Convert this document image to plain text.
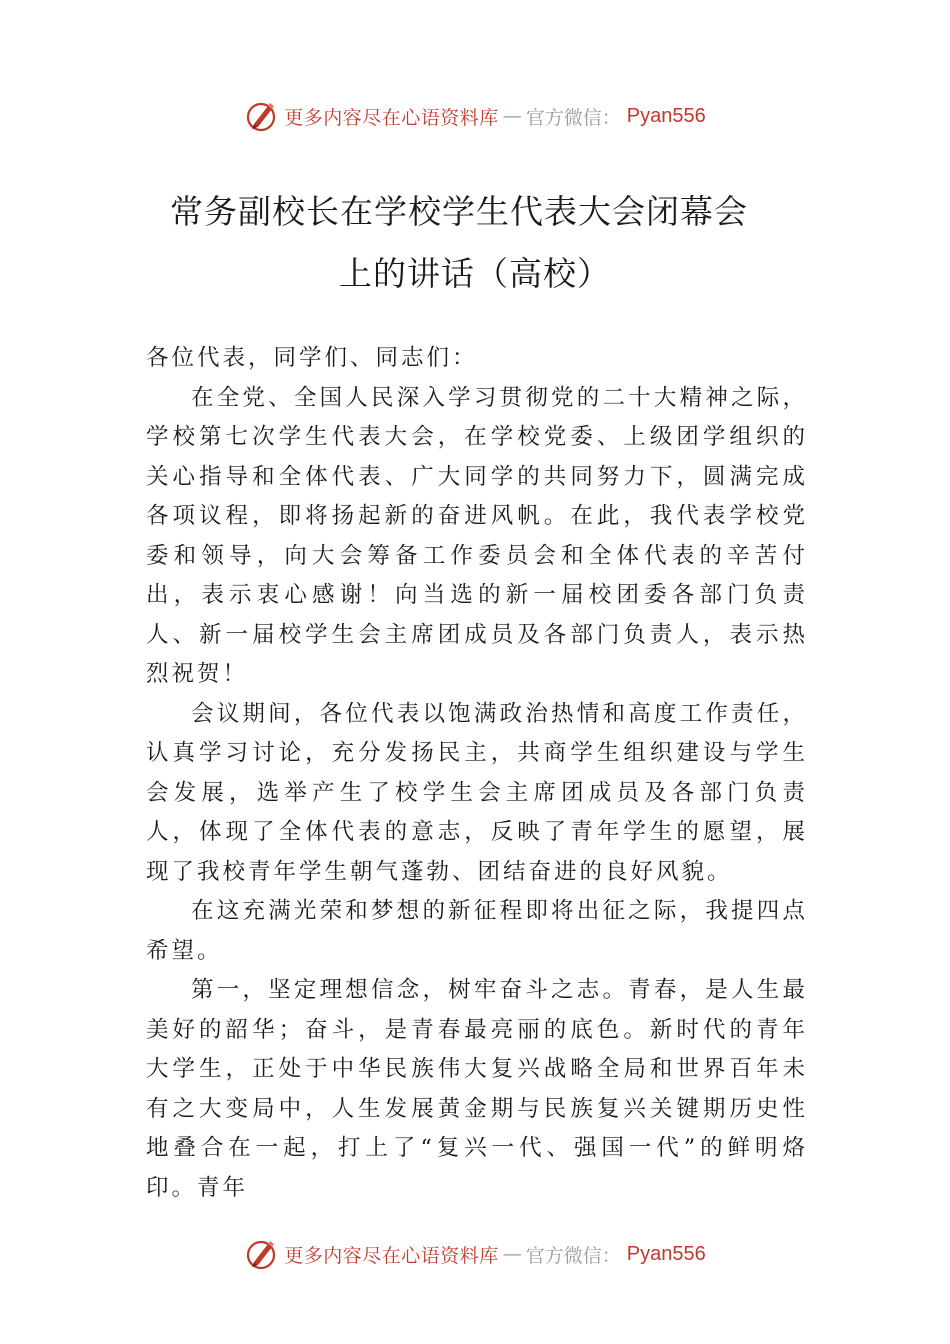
更多内容尽在心语资料库 — 官方微信： Pyan556
常务副校长在学校学生代表大会闭幕会
上的讲话（高校）

各位代表，同学们、同志们：

在全党、全国人民深入学习贯彻党的二十大精神之际，学校第七次学生代表大会，在学校党委、上级团学组织的关心指导和全体代表、广大同学的共同努力下，圆满完成各项议程，即将扬起新的奋进风帆。在此，我代表学校党委和领导，向大会筹备工作委员会和全体代表的辛苦付出，表示衷心感谢！向当选的新一届校团委各部门负责人、新一届校学生会主席团成员及各部门负责人，表示热烈祝贺！

会议期间，各位代表以饱满政治热情和高度工作责任，认真学习讨论，充分发扬民主，共商学生组织建设与学生会发展，选举产生了校学生会主席团成员及各部门负责人，体现了全体代表的意志，反映了青年学生的愿望，展现了我校青年学生朝气蓬勃、团结奋进的良好风貌。

在这充满光荣和梦想的新征程即将出征之际，我提四点希望。

第一，坚定理想信念，树牢奋斗之志。青春，是人生最美好的韶华；奋斗，是青春最亮丽的底色。新时代的青年大学生，正处于中华民族伟大复兴战略全局和世界百年未有之大变局中，人生发展黄金期与民族复兴关键期历史性地叠合在一起，打上了“复兴一代、强国一代”的鲜明烙印。青年

更多内容尽在心语资料库 — 官方微信： Pyan556
